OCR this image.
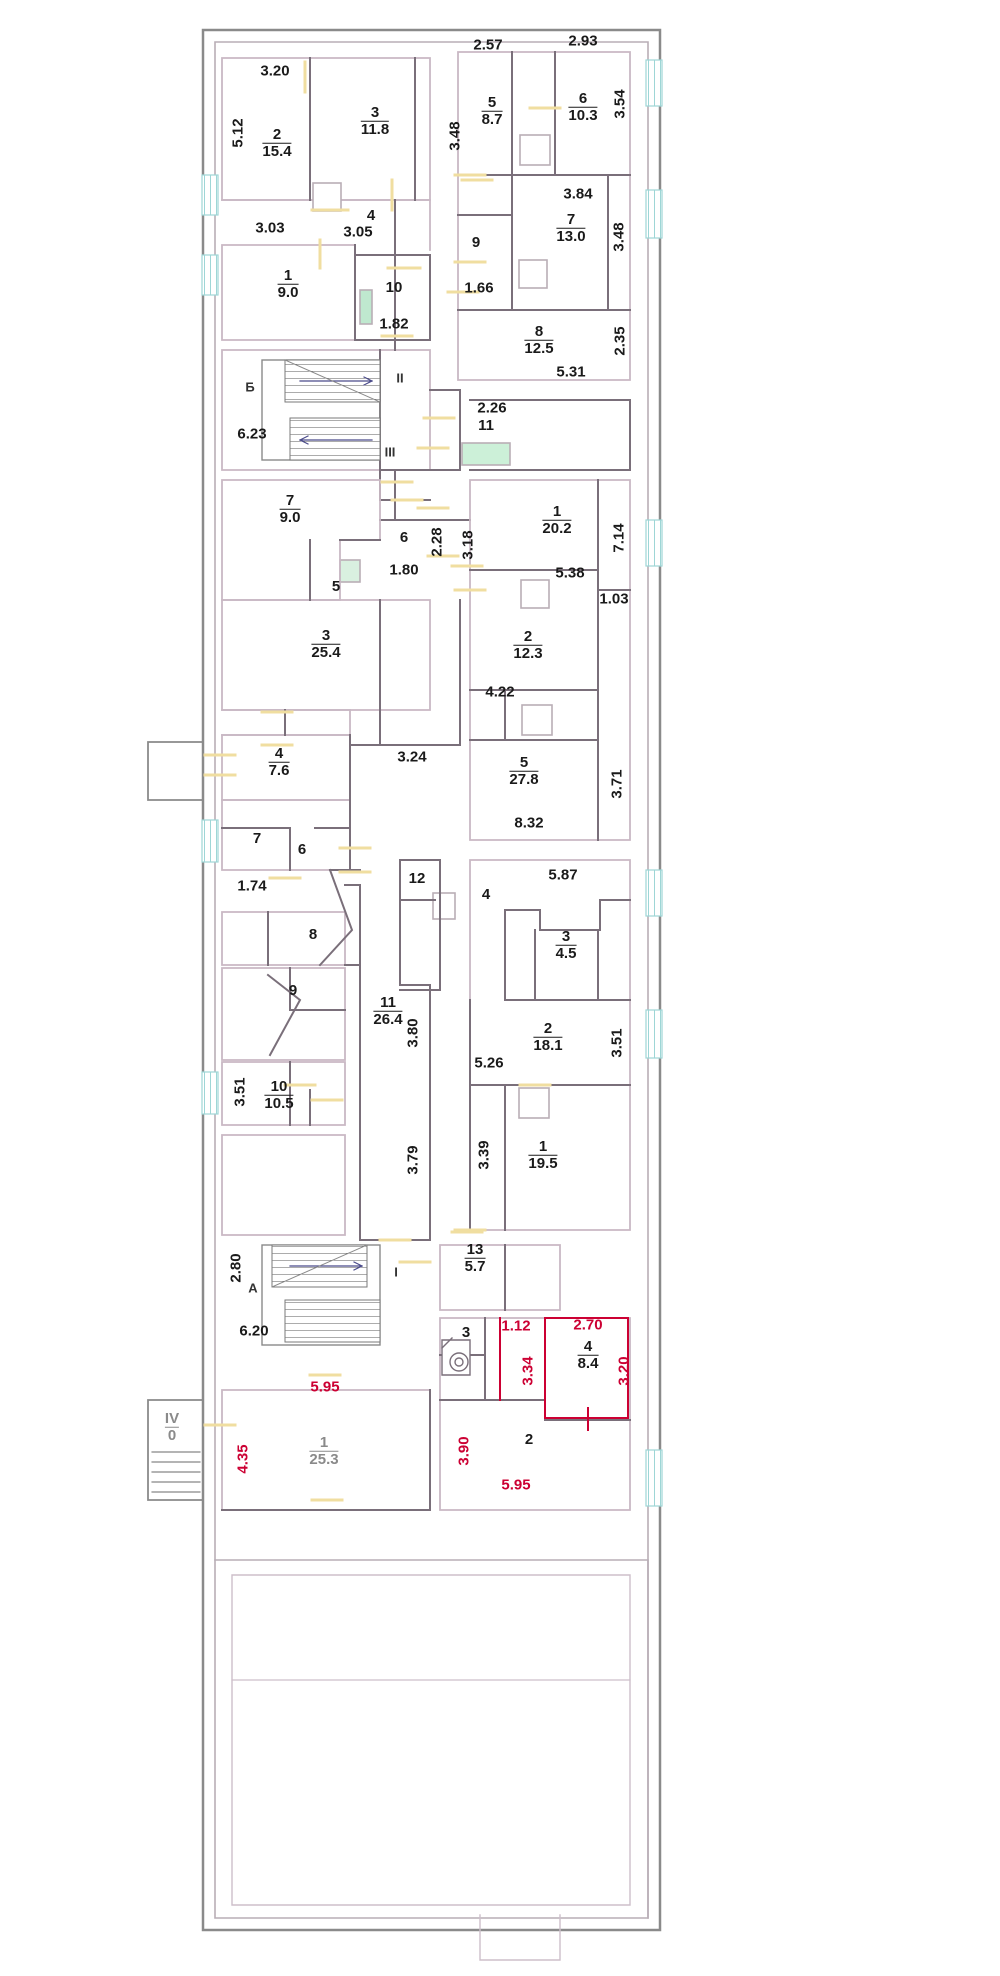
3.20
5.12
3.03	3.05
1.82
6.23
2.26
2.57	2.93
3.54
3.48
3.84
3.48
1.66
2.35
5.31
1.80
2.28 3.18
5.38
7.14
1.03
4.22
3.24
3.71
8.32
1.74
5.87
3.51
3.80
5.26
3.51
3.79	3.39
2.80
6.20
5.95
1.12	2.70
3.34	3.20
4.35	3.90
5.95
$\frac{2}{15.4}$
$\frac{3}{11.8}$
4
$\frac{1}{9.0}$	10
$\frac{5}{8.7}$	$\frac{6}{10.3}$
$\frac{7}{13.0}$
9
$\frac{8}{12.5}$
11
$\frac{7}{9.0}$
5
6
$\frac{1}{20.2}$
$\frac{2}{12.3}$
$\frac{3}{25.4}$
$\frac{4}{7.6}$	$\frac{5}{27.8}$
7
6
12
4
8
9
$\frac{3}{4.5}$
$\frac{11}{26.4}$
$\frac{2}{18.1}$
$\frac{10}{10.5}$
$\frac{1}{19.5}$
$\frac{13}{5.7}$
3
$\frac{4}{8.4}$
2
$\frac{1}{25.3}$
$\frac{IV}{0}$
Б
А
II
III
I
